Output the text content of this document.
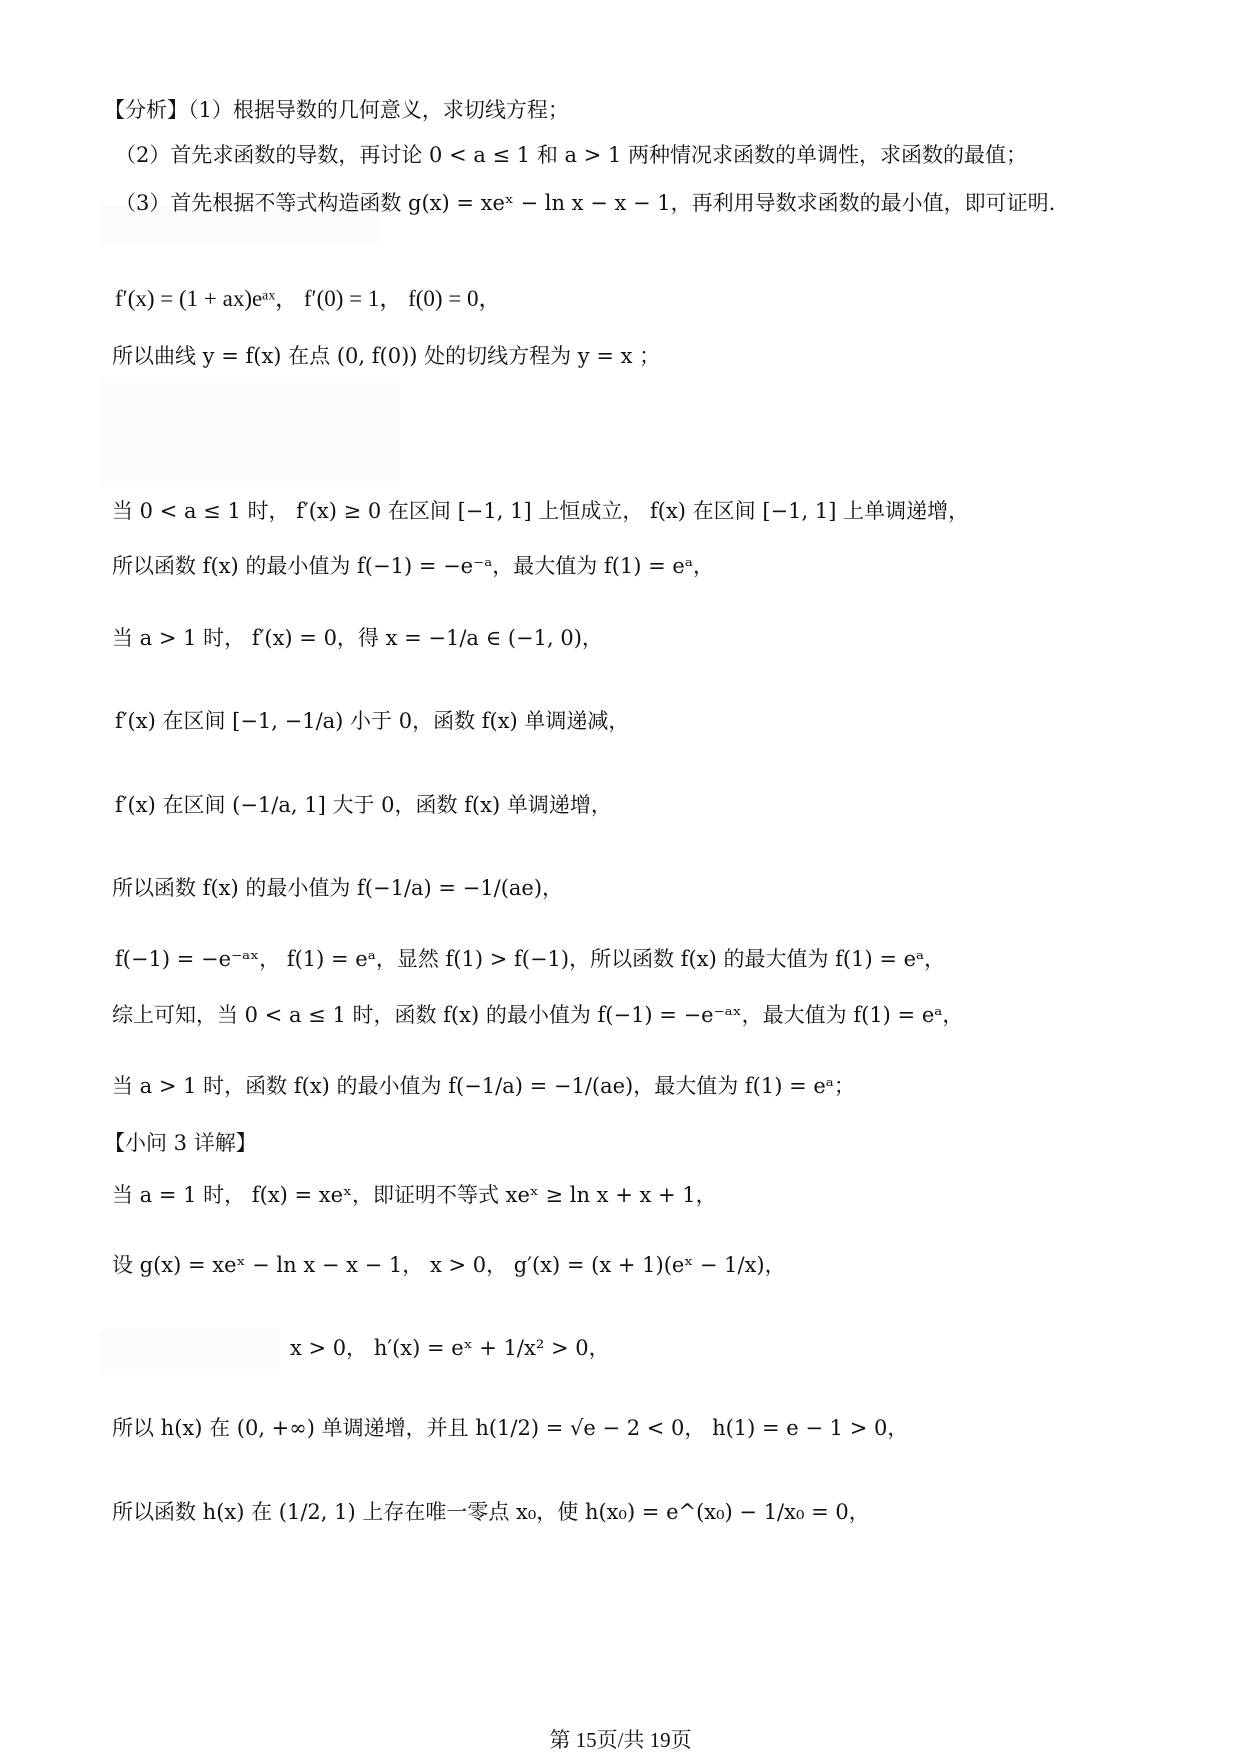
【分析】（1）根据导数的几何意义，求切线方程；
（2）首先求函数的导数，再讨论 0 < a ≤ 1 和 a > 1 两种情况求函数的单调性，求函数的最值；
（3）首先根据不等式构造函数 g(x) = xeˣ − ln x − x − 1，再利用导数求函数的最小值，即可证明.
f′(x) = (1 + ax)eᵃˣ， f′(0) = 1， f(0) = 0，
所以曲线 y = f(x) 在点 (0, f(0)) 处的切线方程为 y = x ；
当 0 < a ≤ 1 时， f′(x) ≥ 0 在区间 [−1, 1] 上恒成立， f(x) 在区间 [−1, 1] 上单调递增，
所以函数 f(x) 的最小值为 f(−1) = −e⁻ᵃ，最大值为 f(1) = eᵃ，
当 a > 1 时， f′(x) = 0，得 x = −1/a ∈ (−1, 0)，
f′(x) 在区间 [−1, −1/a) 小于 0，函数 f(x) 单调递减，
f′(x) 在区间 (−1/a, 1] 大于 0，函数 f(x) 单调递增，
所以函数 f(x) 的最小值为 f(−1/a) = −1/(ae)，
f(−1) = −e⁻ᵃˣ， f(1) = eᵃ，显然 f(1) > f(−1)，所以函数 f(x) 的最大值为 f(1) = eᵃ，
综上可知，当 0 < a ≤ 1 时，函数 f(x) 的最小值为 f(−1) = −e⁻ᵃˣ，最大值为 f(1) = eᵃ，
当 a > 1 时，函数 f(x) 的最小值为 f(−1/a) = −1/(ae)，最大值为 f(1) = eᵃ；
【小问 3 详解】
当 a = 1 时， f(x) = xeˣ，即证明不等式 xeˣ ≥ ln x + x + 1，
设 g(x) = xeˣ − ln x − x − 1， x > 0， g′(x) = (x + 1)(eˣ − 1/x)，
x > 0， h′(x) = eˣ + 1/x² > 0，
所以 h(x) 在 (0, +∞) 单调递增，并且 h(1/2) = √e − 2 < 0， h(1) = e − 1 > 0，
所以函数 h(x) 在 (1/2, 1) 上存在唯一零点 x₀，使 h(x₀) = e^(x₀) − 1/x₀ = 0，
第 15页/共 19页
